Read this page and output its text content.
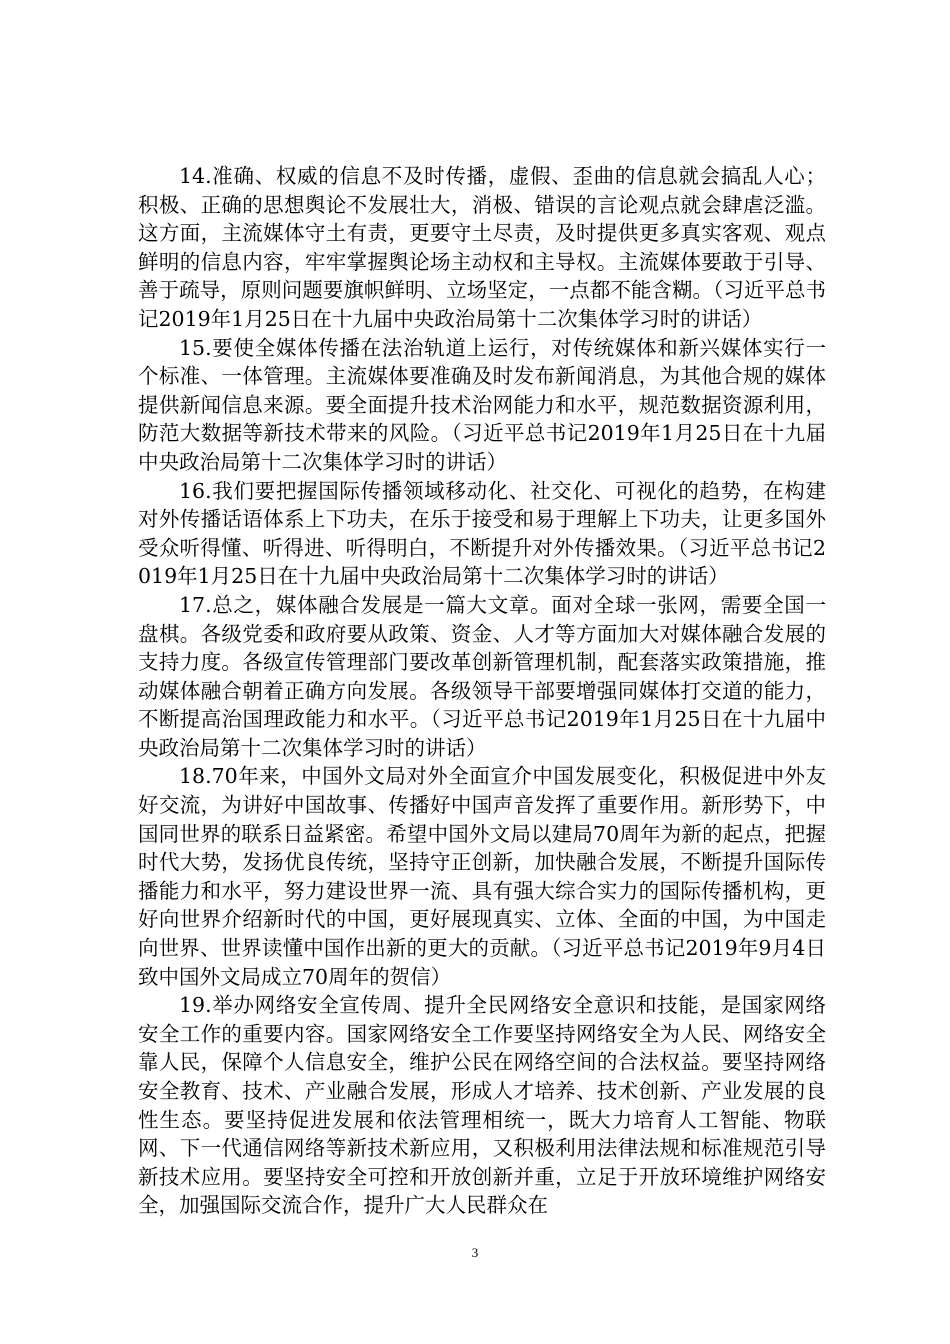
14.准确、权威的信息不及时传播，虚假、歪曲的信息就会搞乱人心；积极、正确的思想舆论不发展壮大，消极、错误的言论观点就会肆虐泛滥。这方面，主流媒体守土有责，更要守土尽责，及时提供更多真实客观、观点鲜明的信息内容，牢牢掌握舆论场主动权和主导权。主流媒体要敢于引导、善于疏导，原则问题要旗帜鲜明、立场坚定，一点都不能含糊。（习近平总书记2019年1月25日在十九届中央政治局第十二次集体学习时的讲话）

15.要使全媒体传播在法治轨道上运行，对传统媒体和新兴媒体实行一个标准、一体管理。主流媒体要准确及时发布新闻消息，为其他合规的媒体提供新闻信息来源。要全面提升技术治网能力和水平，规范数据资源利用，防范大数据等新技术带来的风险。（习近平总书记2019年1月25日在十九届中央政治局第十二次集体学习时的讲话）

16.我们要把握国际传播领域移动化、社交化、可视化的趋势，在构建对外传播话语体系上下功夫，在乐于接受和易于理解上下功夫，让更多国外受众听得懂、听得进、听得明白，不断提升对外传播效果。（习近平总书记2019年1月25日在十九届中央政治局第十二次集体学习时的讲话）

17.总之，媒体融合发展是一篇大文章。面对全球一张网，需要全国一盘棋。各级党委和政府要从政策、资金、人才等方面加大对媒体融合发展的支持力度。各级宣传管理部门要改革创新管理机制，配套落实政策措施，推动媒体融合朝着正确方向发展。各级领导干部要增强同媒体打交道的能力，不断提高治国理政能力和水平。（习近平总书记2019年1月25日在十九届中央政治局第十二次集体学习时的讲话）

18.70年来，中国外文局对外全面宣介中国发展变化，积极促进中外友好交流，为讲好中国故事、传播好中国声音发挥了重要作用。新形势下，中国同世界的联系日益紧密。希望中国外文局以建局70周年为新的起点，把握时代大势，发扬优良传统，坚持守正创新，加快融合发展，不断提升国际传播能力和水平，努力建设世界一流、具有强大综合实力的国际传播机构，更好向世界介绍新时代的中国，更好展现真实、立体、全面的中国，为中国走向世界、世界读懂中国作出新的更大的贡献。（习近平总书记2019年9月4日致中国外文局成立70周年的贺信）

19.举办网络安全宣传周、提升全民网络安全意识和技能，是国家网络安全工作的重要内容。国家网络安全工作要坚持网络安全为人民、网络安全靠人民，保障个人信息安全，维护公民在网络空间的合法权益。要坚持网络安全教育、技术、产业融合发展，形成人才培养、技术创新、产业发展的良性生态。要坚持促进发展和依法管理相统一，既大力培育人工智能、物联网、下一代通信网络等新技术新应用，又积极利用法律法规和标准规范引导新技术应用。要坚持安全可控和开放创新并重，立足于开放环境维护网络安全，加强国际交流合作，提升广大人民群众在

3
